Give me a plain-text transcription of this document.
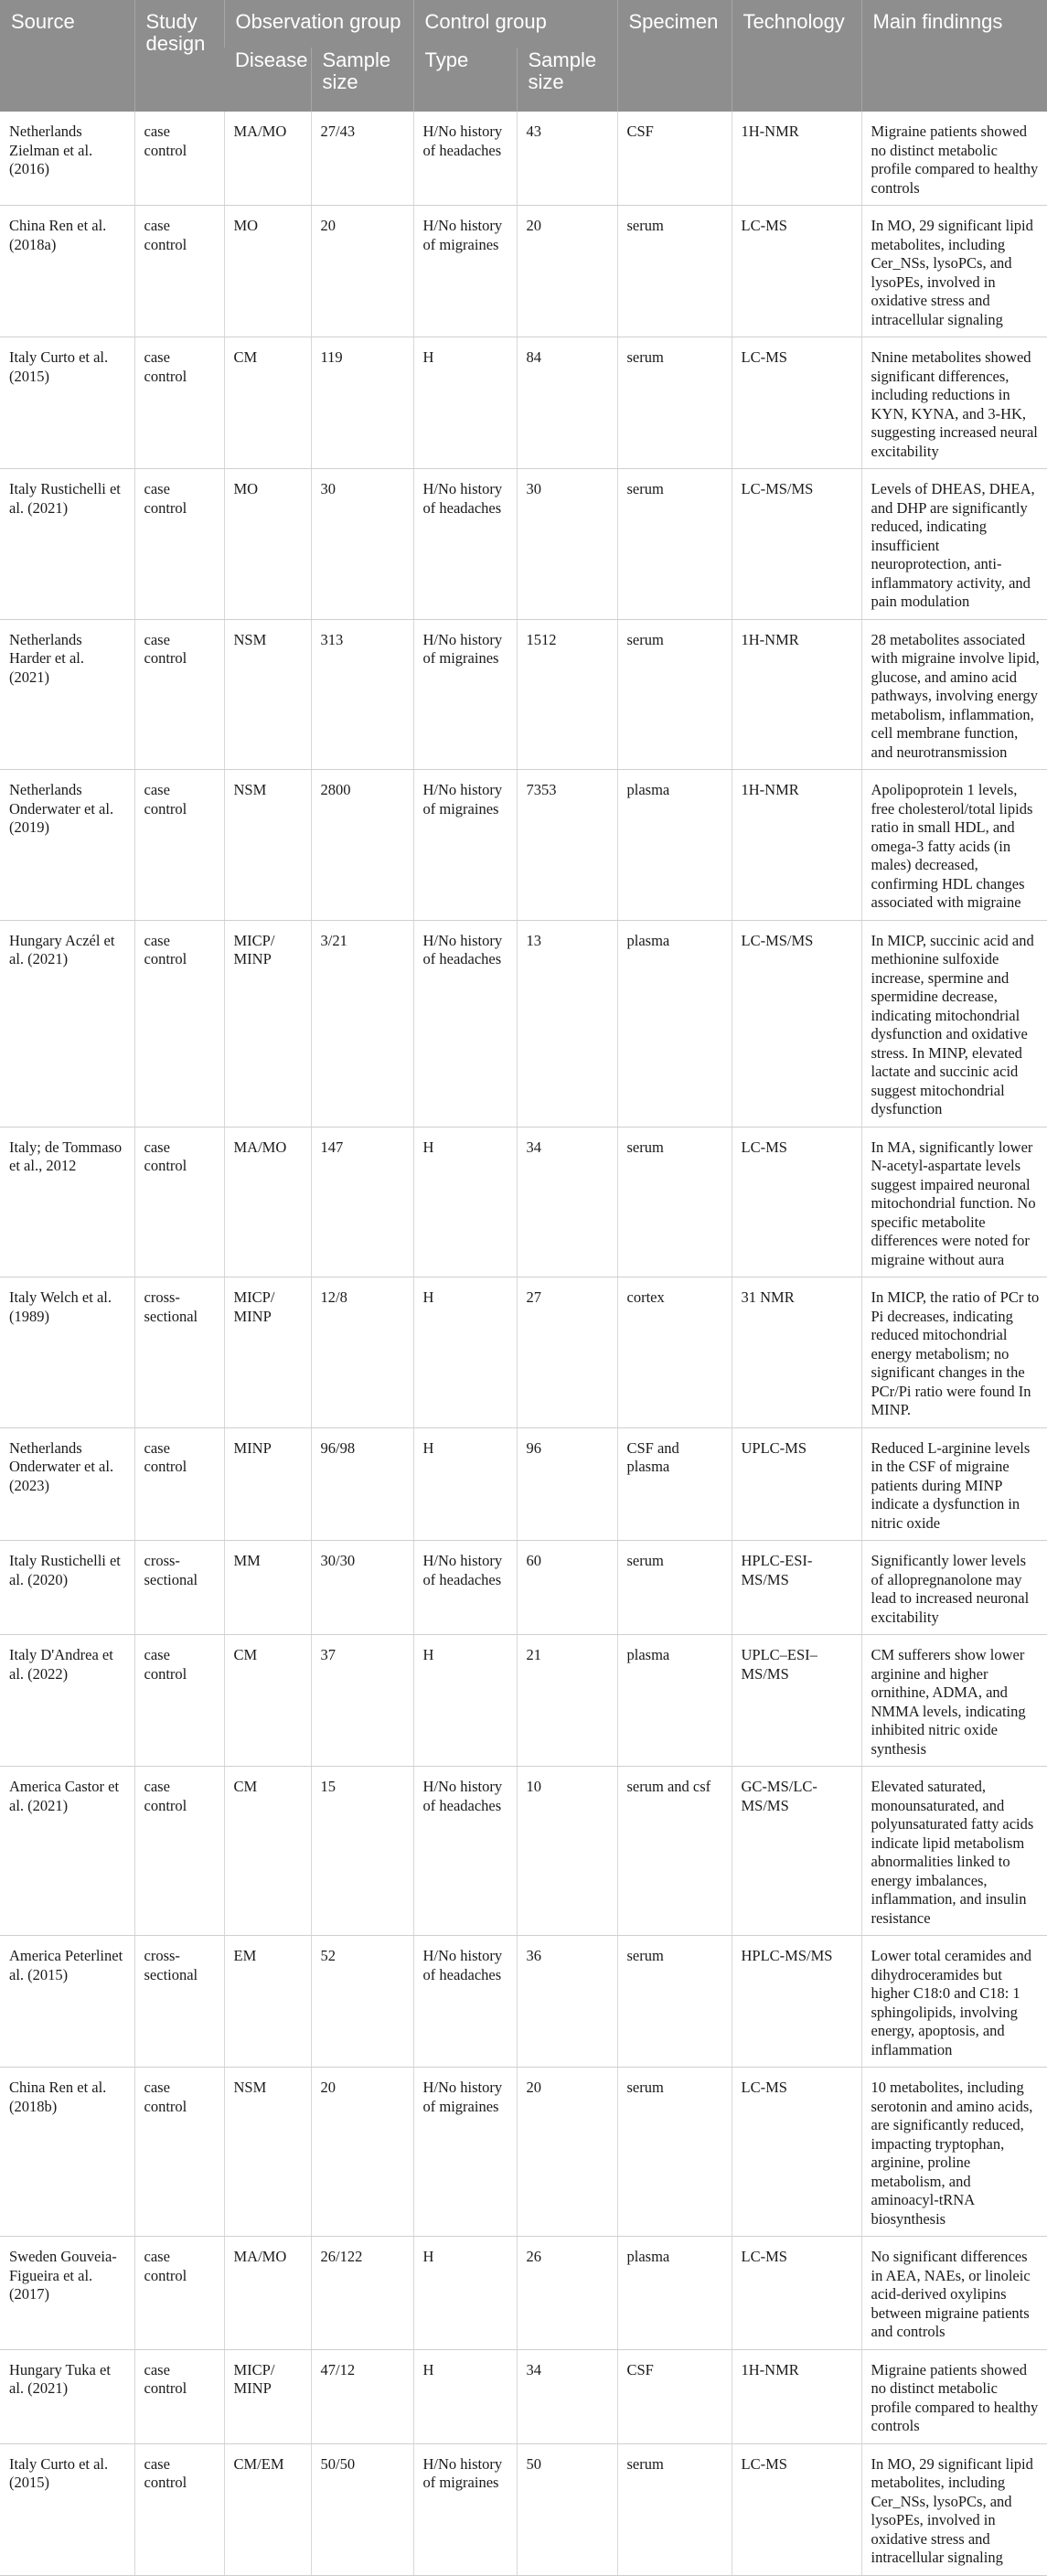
Source	Study design	Observation group		Control group		Specimen	Technology	Main findinngs
		Disease	Sample size	Type	Sample size			
Netherlands Zielman et al. (2016)	case control	MA/MO	27/43	H/No history of headaches	43	CSF	1H-NMR	Migraine patients showed no distinct metabolic profile compared to healthy controls
China Ren et al. (2018a)	case control	MO	20	H/No history of migraines	20	serum	LC-MS	In MO, 29 significant lipid metabolites, including Cer_NSs, lysoPCs, and lysoPEs, involved in oxidative stress and intracellular signaling
Italy Curto et al. (2015)	case control	CM	119	H	84	serum	LC-MS	Nnine metabolites showed significant differences, including reductions in KYN, KYNA, and 3-HK, suggesting increased neural excitability
Italy Rustichelli et al. (2021)	case control	MO	30	H/No history of headaches	30	serum	LC-MS/MS	Levels of DHEAS, DHEA, and DHP are significantly reduced, indicating insufficient neuroprotection, anti-inflammatory activity, and pain modulation
Netherlands Harder et al. (2021)	case control	NSM	313	H/No history of migraines	1512	serum	1H-NMR	28 metabolites associated with migraine involve lipid, glucose, and amino acid pathways, involving energy metabolism, inflammation, cell membrane function, and neurotransmission
Netherlands Onderwater et al. (2019)	case control	NSM	2800	H/No history of migraines	7353	plasma	1H-NMR	Apolipoprotein 1 levels, free cholesterol/total lipids ratio in small HDL, and omega-3 fatty acids (in males) decreased, confirming HDL changes associated with migraine
Hungary Aczél et al. (2021)	case control	MICP/ MINP	3/21	H/No history of headaches	13	plasma	LC-MS/MS	In MICP, succinic acid and methionine sulfoxide increase, spermine and spermidine decrease, indicating mitochondrial dysfunction and oxidative stress. In MINP, elevated lactate and succinic acid suggest mitochondrial dysfunction
Italy; de Tommaso et al., 2012	case control	MA/MO	147	H	34	serum	LC-MS	In MA, significantly lower N-acetyl-aspartate levels suggest impaired neuronal mitochondrial function. No specific metabolite differences were noted for migraine without aura
Italy Welch et al. (1989)	cross-sectional	MICP/ MINP	12/8	H	27	cortex	31 NMR	In MICP, the ratio of PCr to Pi decreases, indicating reduced mitochondrial energy metabolism; no significant changes in the PCr/Pi ratio were found In MINP.
Netherlands Onderwater et al. (2023)	case control	MINP	96/98	H	96	CSF and plasma	UPLC-MS	Reduced L-arginine levels in the CSF of migraine patients during MINP indicate a dysfunction in nitric oxide
Italy Rustichelli et al. (2020)	cross-sectional	MM	30/30	H/No history of headaches	60	serum	HPLC-ESI-MS/MS	Significantly lower levels of allopregnanolone may lead to increased neuronal excitability
Italy D'Andrea et al. (2022)	case control	CM	37	H	21	plasma	UPLC–ESI–MS/MS	CM sufferers show lower arginine and higher ornithine, ADMA, and NMMA levels, indicating inhibited nitric oxide synthesis
America Castor et al. (2021)	case control	CM	15	H/No history of headaches	10	serum and csf	GC-MS/LC-MS/MS	Elevated saturated, monounsaturated, and polyunsaturated fatty acids indicate lipid metabolism abnormalities linked to energy imbalances, inflammation, and insulin resistance
America Peterlinet al. (2015)	cross-sectional	EM	52	H/No history of headaches	36	serum	HPLC-MS/MS	Lower total ceramides and dihydroceramides but higher C18:0 and C18: 1 sphingolipids, involving energy, apoptosis, and inflammation
China Ren et al. (2018b)	case control	NSM	20	H/No history of migraines	20	serum	LC-MS	10 metabolites, including serotonin and amino acids, are significantly reduced, impacting tryptophan, arginine, proline metabolism, and aminoacyl-tRNA biosynthesis
Sweden Gouveia-Figueira et al. (2017)	case control	MA/MO	26/122	H	26	plasma	LC-MS	No significant differences in AEA, NAEs, or linoleic acid-derived oxylipins between migraine patients and controls
Hungary Tuka et al. (2021)	case control	MICP/ MINP	47/12	H	34	CSF	1H-NMR	Migraine patients showed no distinct metabolic profile compared to healthy controls
Italy Curto et al. (2015)	case control	CM/EM	50/50	H/No history of migraines	50	serum	LC-MS	In MO, 29 significant lipid metabolites, including Cer_NSs, lysoPCs, and lysoPEs, involved in oxidative stress and intracellular signaling
